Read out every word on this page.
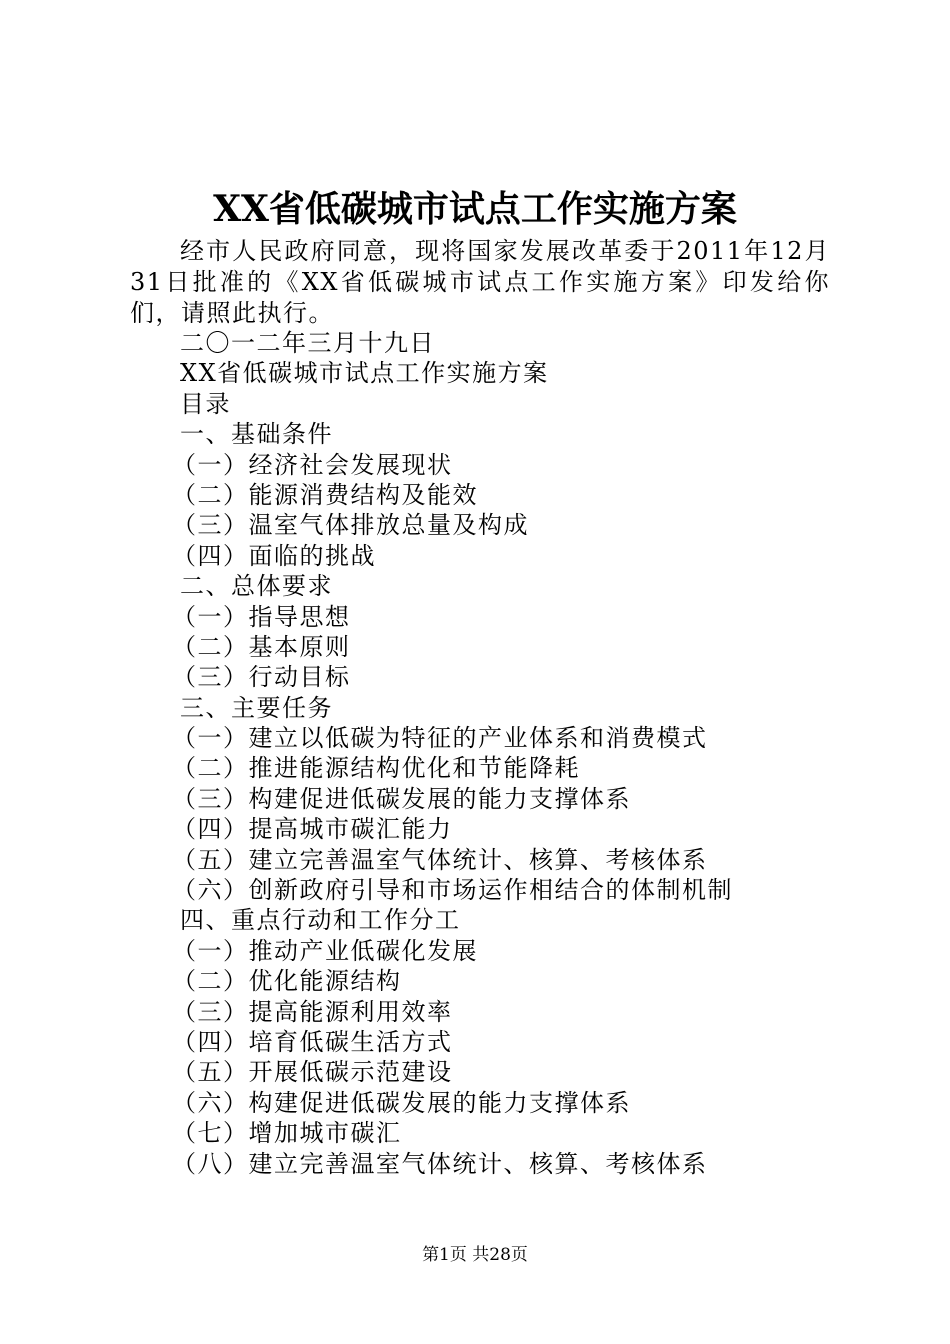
XX省低碳城市试点工作实施方案
经市人民政府同意，现将国家发展改革委于2011年12月31日批准的《XX省低碳城市试点工作实施方案》印发给你们，请照此执行。
二〇一二年三月十九日
XX省低碳城市试点工作实施方案
目录
一、基础条件
（一）经济社会发展现状
（二）能源消费结构及能效
（三）温室气体排放总量及构成
（四）面临的挑战
二、总体要求
（一）指导思想
（二）基本原则
（三）行动目标
三、主要任务
（一）建立以低碳为特征的产业体系和消费模式
（二）推进能源结构优化和节能降耗
（三）构建促进低碳发展的能力支撑体系
（四）提高城市碳汇能力
（五）建立完善温室气体统计、核算、考核体系
（六）创新政府引导和市场运作相结合的体制机制
四、重点行动和工作分工
（一）推动产业低碳化发展
（二）优化能源结构
（三）提高能源利用效率
（四）培育低碳生活方式
（五）开展低碳示范建设
（六）构建促进低碳发展的能力支撑体系
（七）增加城市碳汇
（八）建立完善温室气体统计、核算、考核体系
第1页 共28页
